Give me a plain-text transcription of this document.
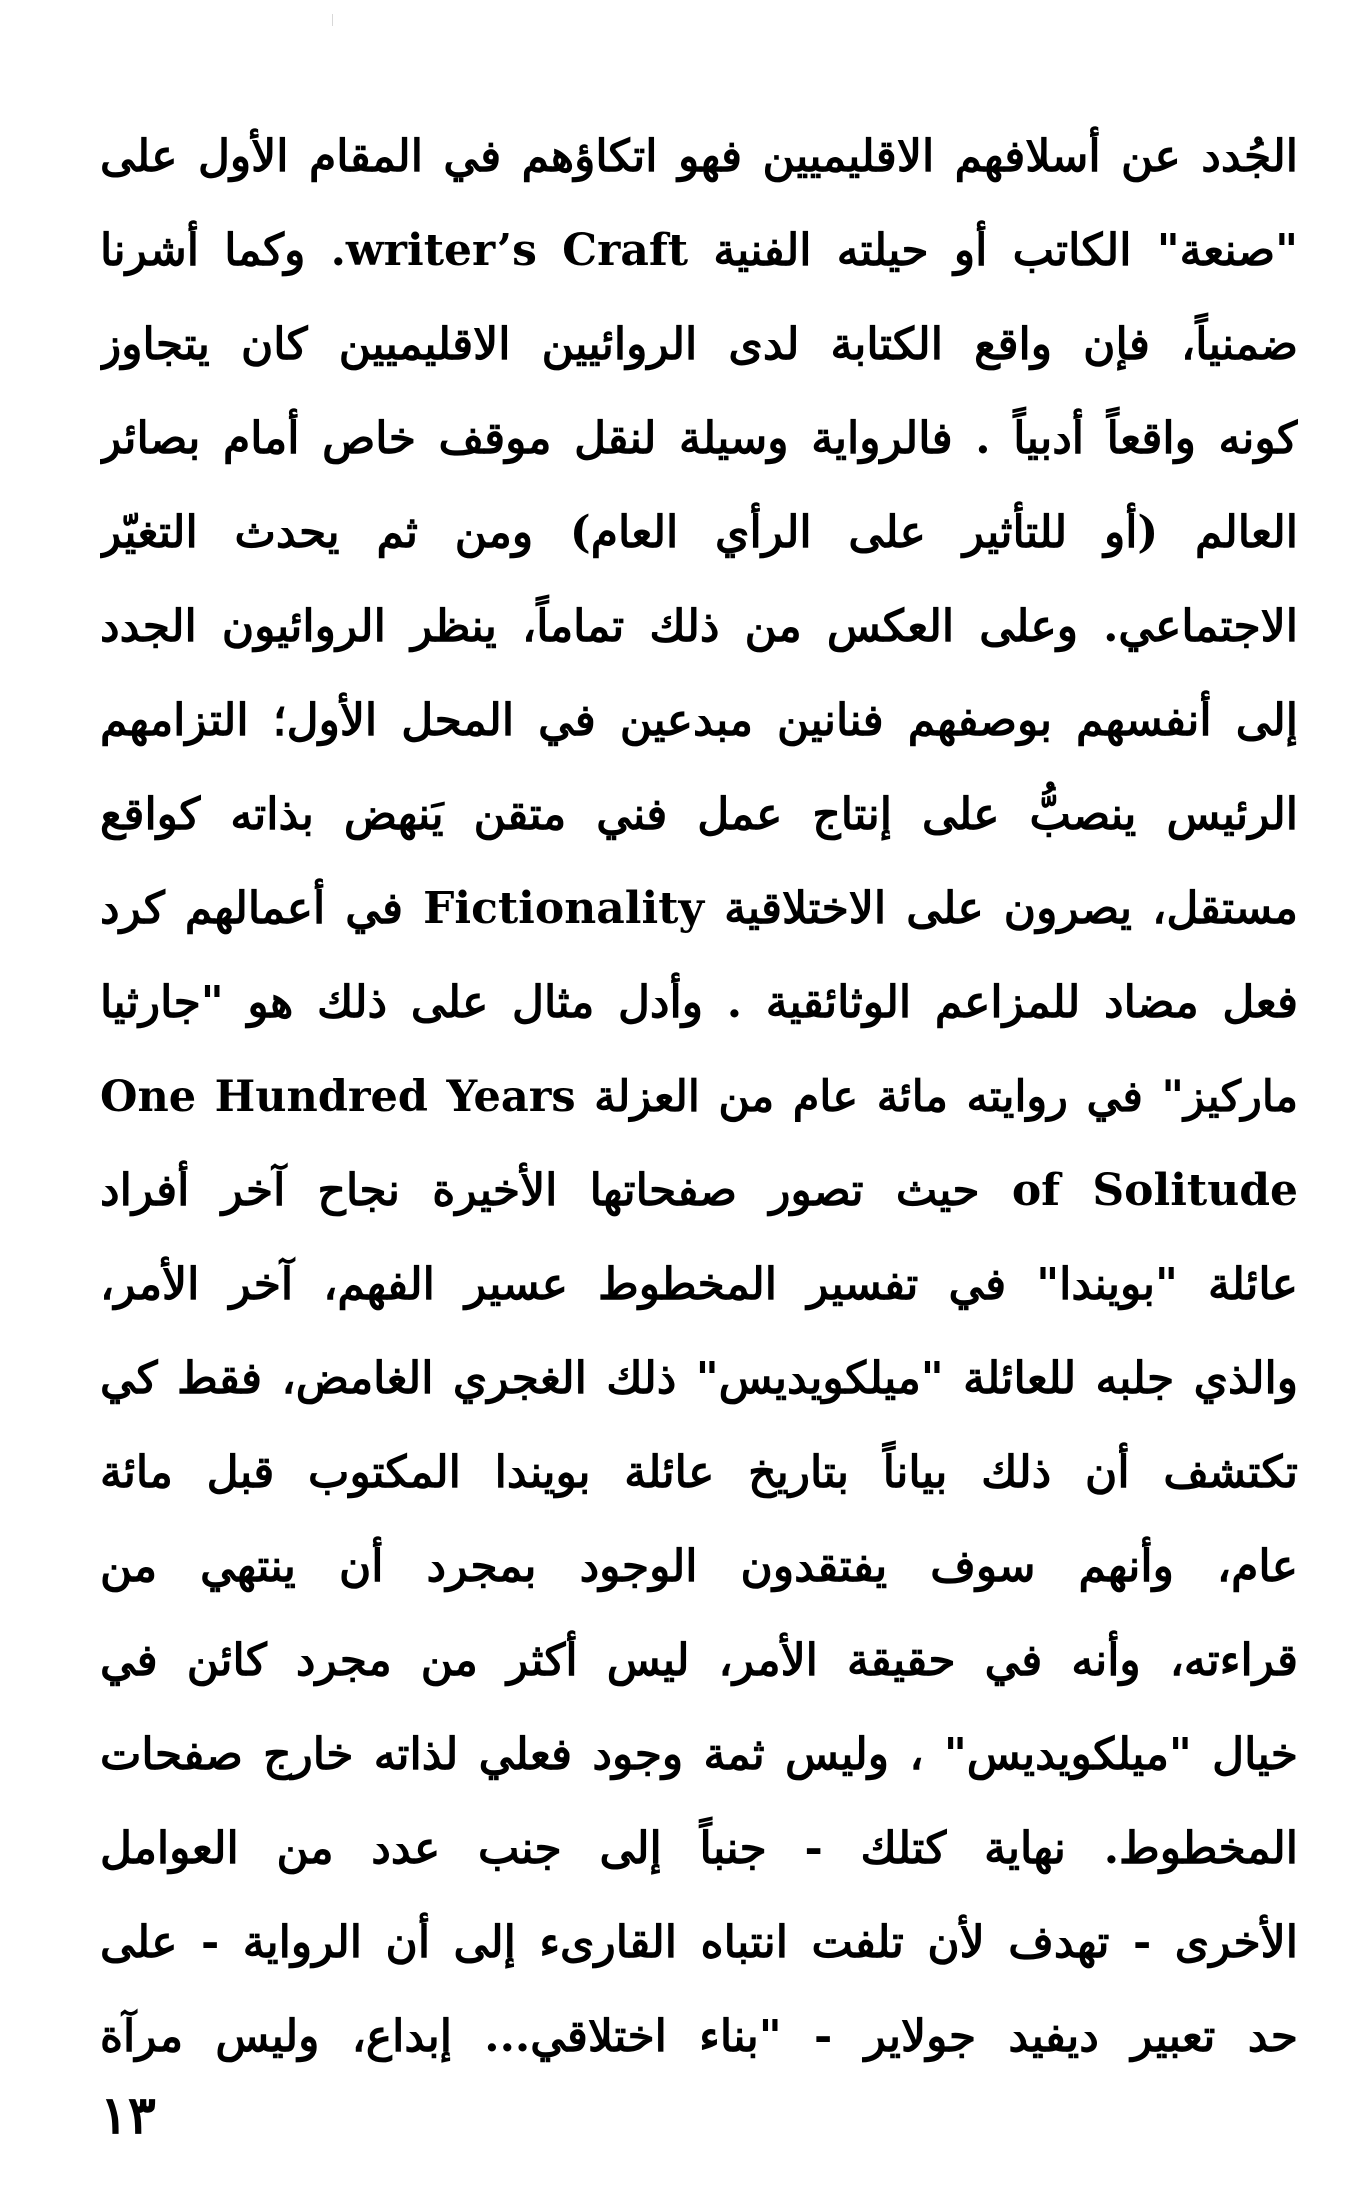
الجُدد عن أسلافهم الاقليميين فهو اتكاؤهم في المقام الأول على
"صنعة" الكاتب أو حيلته الفنية writer’s Craft. وكما أشرنا
ضمنياً، فإن واقع الكتابة لدى الروائيين الاقليميين كان يتجاوز
كونه واقعاً أدبياً . فالرواية وسيلة لنقل موقف خاص أمام بصائر
العالم (أو للتأثير على الرأي العام) ومن ثم يحدث التغيّر
الاجتماعي. وعلى العكس من ذلك تماماً، ينظر الروائيون الجدد
إلى أنفسهم بوصفهم فنانين مبدعين في المحل الأول؛ التزامهم
الرئيس ينصبُّ على إنتاج عمل فني متقن يَنهض بذاته كواقع
مستقل، يصرون على الاختلاقية Fictionality في أعمالهم كرد
فعل مضاد للمزاعم الوثائقية . وأدل مثال على ذلك هو "جارثيا
ماركيز" في روايته مائة عام من العزلة One Hundred Years
of Solitude حيث تصور صفحاتها الأخيرة نجاح آخر أفراد
عائلة "بويندا" في تفسير المخطوط عسير الفهم، آخر الأمر،
والذي جلبه للعائلة "ميلكويديس" ذلك الغجري الغامض، فقط كي
تكتشف أن ذلك بياناً بتاريخ عائلة بويندا المكتوب قبل مائة
عام، وأنهم سوف يفتقدون الوجود بمجرد أن ينتهي من
قراءته، وأنه في حقيقة الأمر، ليس أكثر من مجرد كائن في
خيال "ميلكويديس" ، وليس ثمة وجود فعلي لذاته خارج صفحات
المخطوط. نهاية كتلك - جنباً إلى جنب عدد من العوامل
الأخرى - تهدف لأن تلفت انتباه القارىء إلى أن الرواية - على
حد تعبير ديفيد جولاير - "بناء اختلاقي... إبداع، وليس مرآة
١٣
